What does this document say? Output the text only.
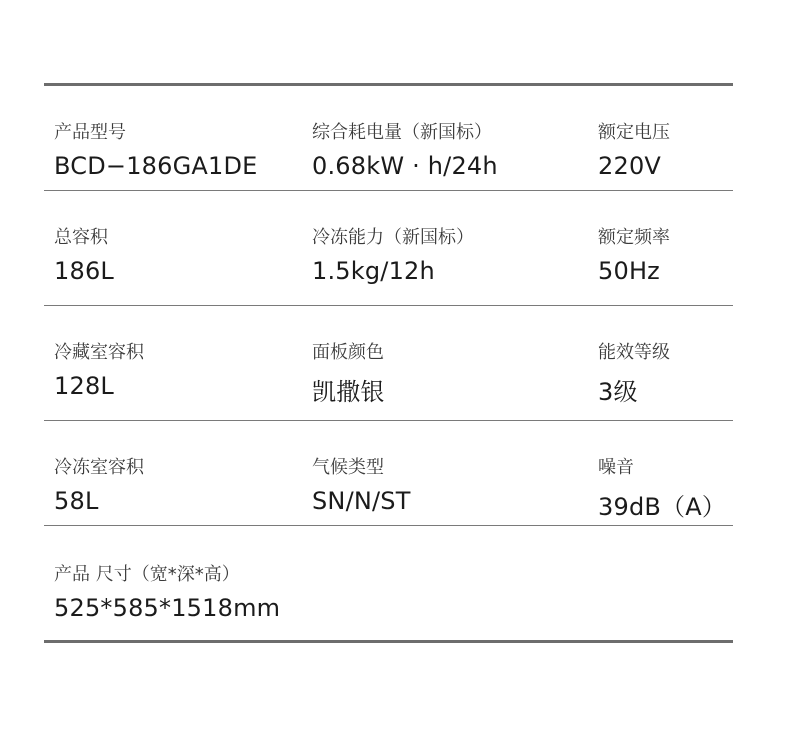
产品型号
BCD−186GA1DE
综合耗电量（新国标）
0.68kW · h/24h
额定电压
220V
总容积
186L
冷冻能力（新国标）
1.5kg/12h
额定频率
50Hz
冷藏室容积
128L
面板颜色
凯撒银
能效等级
3级
冷冻室容积
58L
气候类型
SN/N/ST
噪音
39dB（A）
产品 尺寸（宽*深*高）
525*585*1518mm
